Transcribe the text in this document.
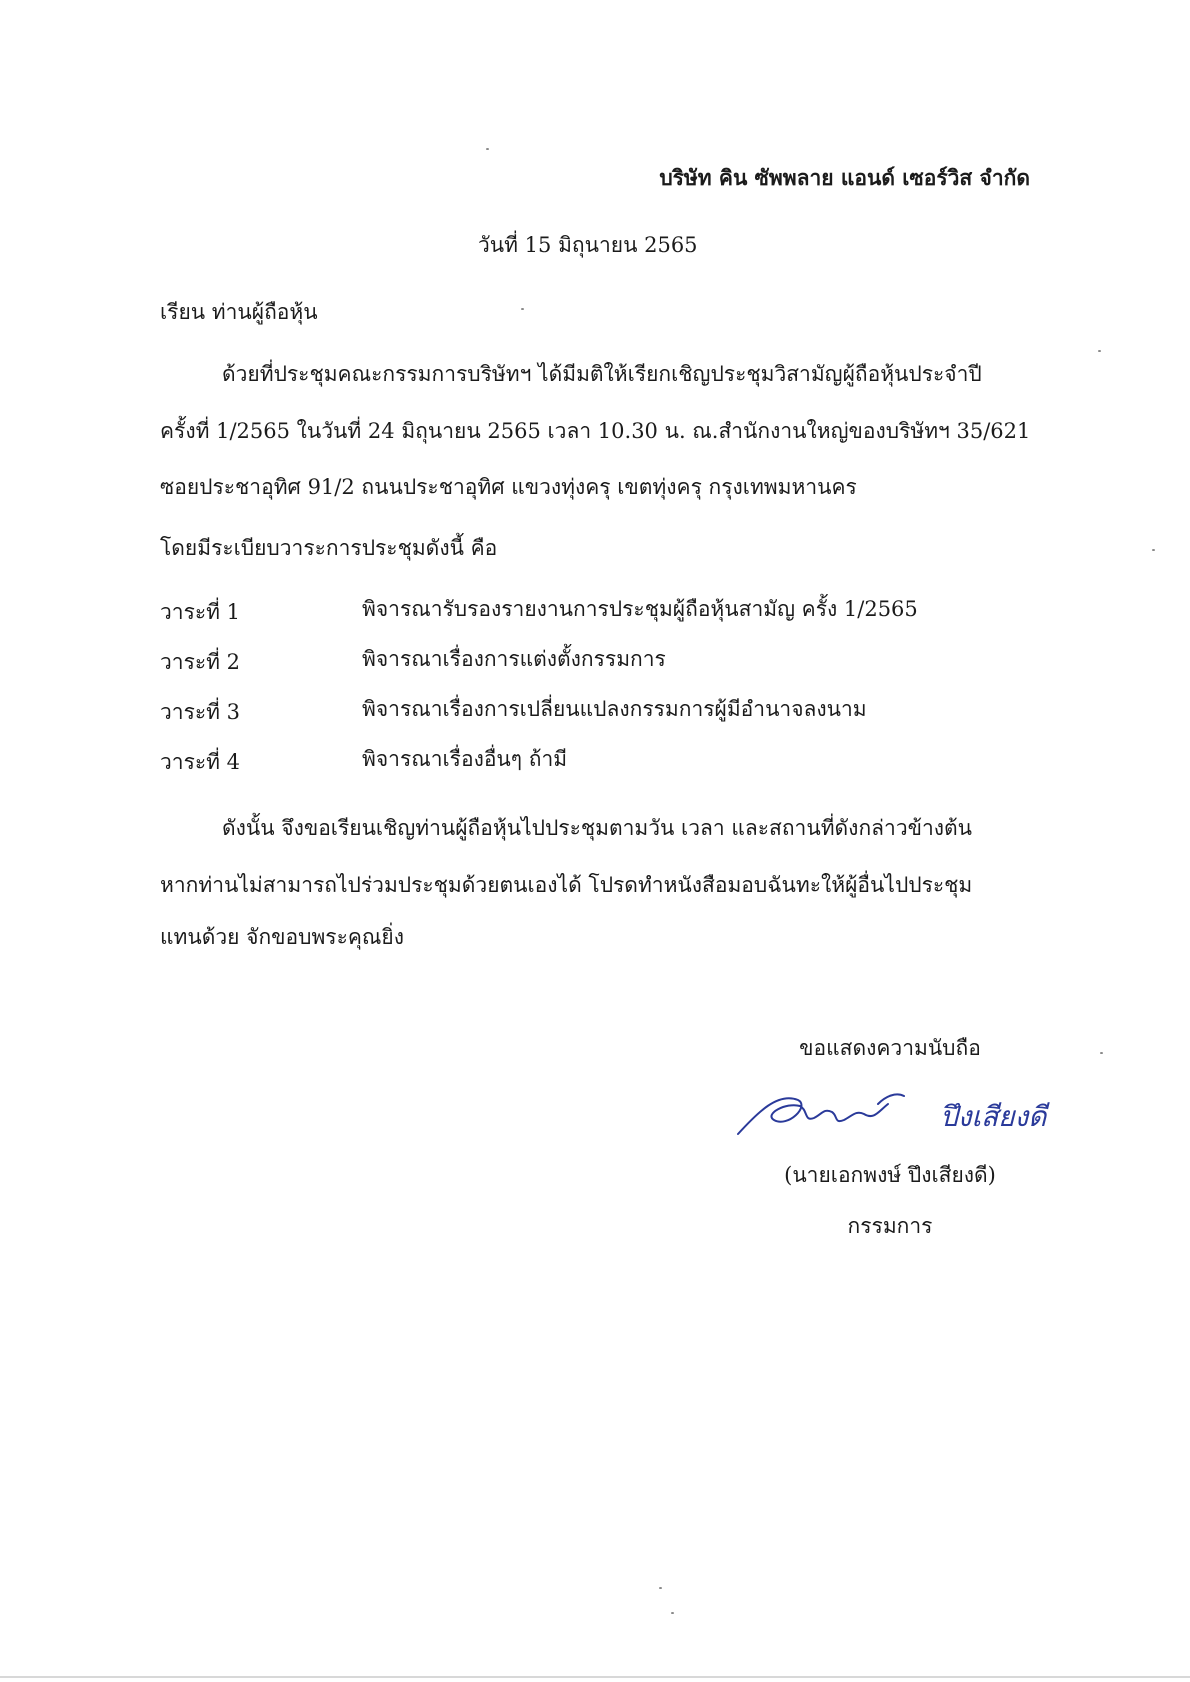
บริษัท คิน ซัพพลาย แอนด์ เซอร์วิส จำกัด
วันที่ 15 มิถุนายน 2565
เรียน ท่านผู้ถือหุ้น
ด้วยที่ประชุมคณะกรรมการบริษัทฯ ได้มีมติให้เรียกเชิญประชุมวิสามัญผู้ถือหุ้นประจำปี
ครั้งที่ 1/2565 ในวันที่ 24 มิถุนายน 2565 เวลา 10.30 น. ณ.สำนักงานใหญ่ของบริษัทฯ 35/621
ซอยประชาอุทิศ 91/2 ถนนประชาอุทิศ แขวงทุ่งครุ เขตทุ่งครุ กรุงเทพมหานคร
โดยมีระเบียบวาระการประชุมดังนี้ คือ
วาระที่ 1	พิจารณารับรองรายงานการประชุมผู้ถือหุ้นสามัญ ครั้ง 1/2565
วาระที่ 2	พิจารณาเรื่องการแต่งตั้งกรรมการ
วาระที่ 3	พิจารณาเรื่องการเปลี่ยนแปลงกรรมการผู้มีอำนาจลงนาม
วาระที่ 4	พิจารณาเรื่องอื่นๆ ถ้ามี
ดังนั้น จึงขอเรียนเชิญท่านผู้ถือหุ้นไปประชุมตามวัน เวลา และสถานที่ดังกล่าวข้างต้น
หากท่านไม่สามารถไปร่วมประชุมด้วยตนเองได้ โปรดทำหนังสือมอบฉันทะให้ผู้อื่นไปประชุม
แทนด้วย จักขอบพระคุณยิ่ง
ขอแสดงความนับถือ
ปึงเสียงดี
(นายเอกพงษ์ ปึงเสียงดี)
กรรมการ
